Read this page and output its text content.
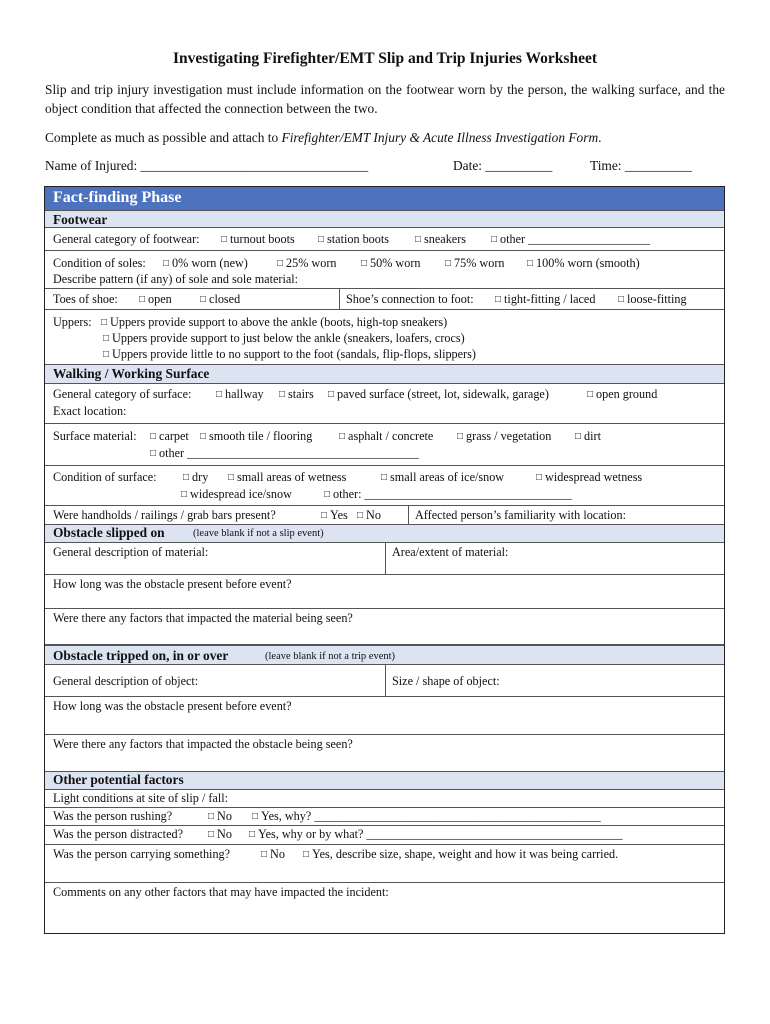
Investigating Firefighter/EMT Slip and Trip Injuries Worksheet
Slip and trip injury investigation must include information on the footwear worn by the person, the walking surface, and the object condition that affected the connection between the two.
Complete as much as possible and attach to Firefighter/EMT Injury & Acute Illness Investigation Form.
Name of Injured: __________________________________	Date: __________	Time: __________
Fact-finding Phase
Footwear
General category of footwear:	□ turnout boots	□ station boots	□ sneakers	□ other ____________________
Condition of soles:	□ 0% worn (new)	□ 25% worn	□ 50% worn	□ 75% worn	□ 100% worn (smooth)
Describe pattern (if any) of sole and sole material:
Toes of shoe:	□ open	□ closed	Shoe’s connection to foot:	□ tight-fitting / laced	□ loose-fitting
Uppers:	□ Uppers provide support to above the ankle (boots, high-top sneakers)
□ Uppers provide support to just below the ankle (sneakers, loafers, crocs)
□ Uppers provide little to no support to the foot (sandals, flip-flops, slippers)
Walking / Working Surface
General category of surface:	□ hallway	□ stairs	□ paved surface (street, lot, sidewalk, garage)	□ open ground
Exact location:
Surface material:	□ carpet	□ smooth tile / flooring	□ asphalt / concrete	□ grass / vegetation	□ dirt
□ other ______________________________________
Condition of surface:	□ dry	□ small areas of wetness	□ small areas of ice/snow	□ widespread wetness
□ widespread ice/snow	□ other: __________________________________
Were handholds / railings / grab bars present?	□ Yes	□ No	Affected person’s familiarity with location:
Obstacle slipped on	(leave blank if not a slip event)
General description of material:	Area/extent of material:
How long was the obstacle present before event?
Were there any factors that impacted the material being seen?
Obstacle tripped on, in or over	(leave blank if not a trip event)
General description of object:	Size / shape of object:
How long was the obstacle present before event?
Were there any factors that impacted the obstacle being seen?
Other potential factors
Light conditions at site of slip / fall:
Was the person rushing?	□ No	□ Yes, why? _______________________________________________
Was the person distracted?	□ No	□ Yes, why or by what? __________________________________________
Was the person carrying something?	□ No	□ Yes, describe size, shape, weight and how it was being carried.
Comments on any other factors that may have impacted the incident:
